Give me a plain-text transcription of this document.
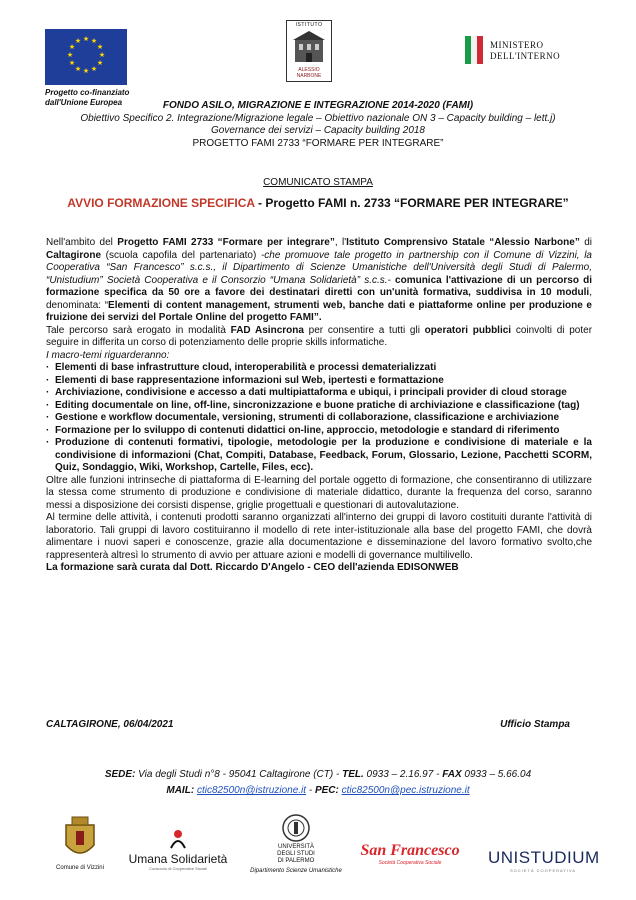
★ ★
★
★
★
★
★
★
★
★
★
★
Progetto co-finanziato
dall'Unione Europea
ISTITUTO
ALESSIO
NARBONE
MINISTERO
DELL'INTERNO
FONDO ASILO, MIGRAZIONE E INTEGRAZIONE 2014-2020 (FAMI)
Obiettivo Specifico 2. Integrazione/Migrazione legale – Obiettivo nazionale ON 3 – Capacity building – lett.j)
Governance dei servizi – Capacity building 2018
PROGETTO FAMI 2733 “FORMARE PER INTEGRARE”
COMUNICATO STAMPA
AVVIO FORMAZIONE SPECIFICA - Progetto FAMI n. 2733 “FORMARE PER INTEGRARE”

Nell'ambito del Progetto FAMI 2733 “Formare per integrare”, l'Istituto Comprensivo Statale “Alessio Narbone” di Caltagirone (scuola capofila del partenariato) -che promuove tale progetto in partnership con il Comune di Vizzini, la Cooperativa “San Francesco” s.c.s., il Dipartimento di Scienze Umanistiche dell'Università degli Studi di Palermo, “Unistudium” Società Cooperativa e il Consorzio “Umana Solidarietà” s.c.s.- comunica l'attivazione di un percorso di formazione specifica da 50 ore a favore dei destinatari diretti con un'unità formativa, suddivisa in 10 moduli, denominata: “Elementi di content management, strumenti web, banche dati e piattaforme online per produzione e fruizione dei servizi del Portale Online del progetto FAMI”.

Tale percorso sarà erogato in modalità FAD Asincrona per consentire a tutti gli operatori pubblici coinvolti di poter seguire in differita un corso di potenziamento delle proprie skills informatiche.

I macro-temi riguarderanno:

· Elementi di base infrastrutture cloud, interoperabilità e processi dematerializzati
· Elementi di base rappresentazione informazioni sul Web, ipertesti e formattazione
· Archiviazione, condivisione e accesso a dati multipiattaforma e ubiqui, i principali provider di cloud storage
· Editing documentale on line, off-line, sincronizzazione e buone pratiche di archiviazione e classificazione (tag)
· Gestione e workflow documentale, versioning, strumenti di collaborazione, classificazione e archiviazione
· Formazione per lo sviluppo di contenuti didattici on-line, approccio, metodologie e standard di riferimento
· Produzione di contenuti formativi, tipologie, metodologie per la produzione e condivisione di materiale e la condivisione di informazioni (Chat, Compiti, Database, Feedback, Forum, Glossario, Lezione, Pacchetti SCORM, Quiz, Sondaggio, Wiki, Workshop, Cartelle, Files, ecc).

Oltre alle funzioni intrinseche di piattaforma di E-learning del portale oggetto di formazione, che consentiranno di utilizzare la stessa come strumento di produzione e condivisione di materiale didattico, durante la frequenza del corso, saranno messi a disposizione dei corsisti dispense, griglie progettuali e questionari di autovalutazione.

Al termine delle attività, i contenuti prodotti saranno organizzati all'interno dei gruppi di lavoro costituiti durante l'attività di laboratorio. Tali gruppi di lavoro costituiranno il modello di rete inter-istituzionale alla base del progetto FAMI, che dovrà alimentare i nuovi saperi e conoscenze, grazie alla documentazione e disseminazione del lavoro formativo svolto,che rappresenterà altresì lo strumento di avvio per attuare azioni e modelli di governance multilivello.

La formazione sarà curata dal Dott. Riccardo D'Angelo - CEO dell'azienda EDISONWEB

CALTAGIRONE, 06/04/2021	Ufficio Stampa
SEDE: Via degli Studi n°8 - 95041 Caltagirone (CT) - TEL. 0933 – 2.16.97 - FAX 0933 – 5.66.04
MAIL: ctic82500n@istruzione.it - PEC: ctic82500n@pec.istruzione.it
Comune di Vizzini
Umana Solidarietà
Consorzio di Cooperative Sociali
UNIVERSITÀ
DEGLI STUDI
DI PALERMO
Dipartimento Scienze Umanistiche
San Francesco
Società Cooperativa Sociale	UNISTUDIUM
SOCIETÀ COOPERATIVA
